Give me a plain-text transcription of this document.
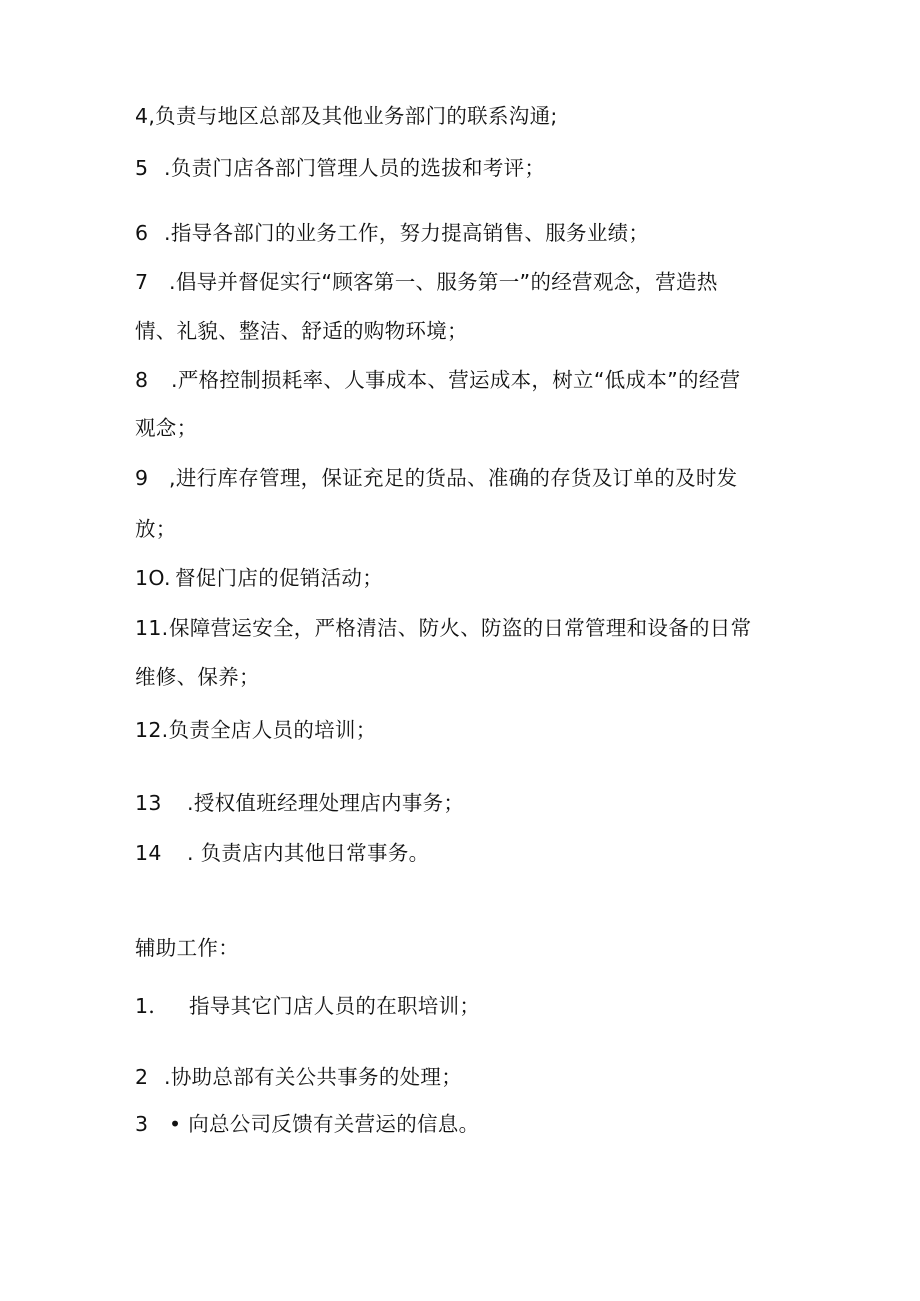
4,负责与地区总部及其他业务部门的联系沟通;
5 .负责门店各部门管理人员的选拔和考评；
6 .指导各部门的业务工作，努力提高销售、服务业绩；
7 .倡导并督促实行“顾客第一、服务第一”的经营观念，营造热
情、礼貌、整洁、舒适的购物环境；
8 .严格控制损耗率、人事成本、营运成本，树立“低成本”的经营
观念；
9 ,进行库存管理，保证充足的货品、准确的存货及订单的及时发
放；
1O. 督促门店的促销活动；
11.保障营运安全，严格清洁、防火、防盗的日常管理和设备的日常
维修、保养；
12.负责全店人员的培训；
13 .授权值班经理处理店内事务；
14 . 负责店内其他日常事务。
辅助工作：
1． 指导其它门店人员的在职培训；
2 .协助总部有关公共事务的处理；
3 • 向总公司反馈有关营运的信息。
